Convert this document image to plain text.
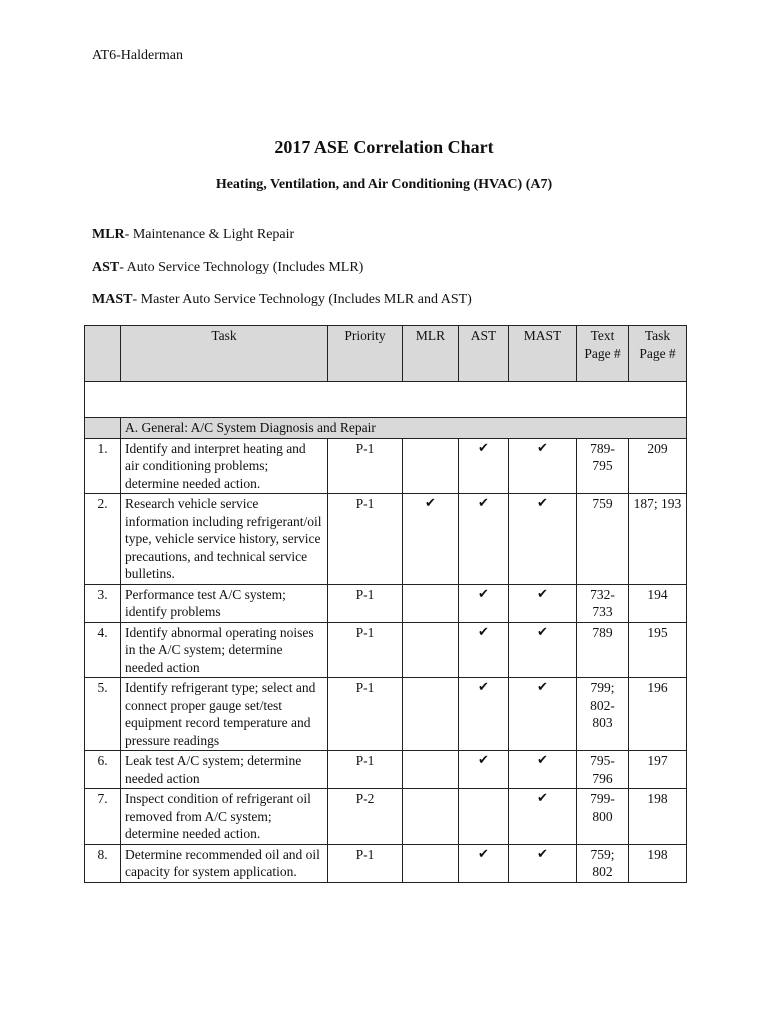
AT6-Halderman
2017 ASE Correlation Chart
Heating, Ventilation, and Air Conditioning (HVAC) (A7)
MLR- Maintenance & Light Repair
AST- Auto Service Technology (Includes MLR)
MAST- Master Auto Service Technology (Includes MLR and AST)
	Task	Priority	MLR	AST	MAST	Text Page #	Task Page #

	A. General: A/C System Diagnosis and Repair						
1.	Identify and interpret heating and air conditioning problems; determine needed action.	P-1		✔	✔	789-795	209
2.	Research vehicle service information including refrigerant/oil type, vehicle service history, service precautions, and technical service bulletins.	P-1	✔	✔	✔	759	187; 193
3.	Performance test A/C system; identify problems	P-1		✔	✔	732-733	194
4.	Identify abnormal operating noises in the A/C system; determine needed action	P-1		✔	✔	789	195
5.	Identify refrigerant type; select and connect proper gauge set/test equipment record temperature and pressure readings	P-1		✔	✔	799; 802-803	196
6.	Leak test A/C system; determine needed action	P-1		✔	✔	795-796	197
7.	Inspect condition of refrigerant oil removed from A/C system; determine needed action.	P-2			✔	799-800	198
8.	Determine recommended oil and oil capacity for system application.	P-1		✔	✔	759; 802	198
